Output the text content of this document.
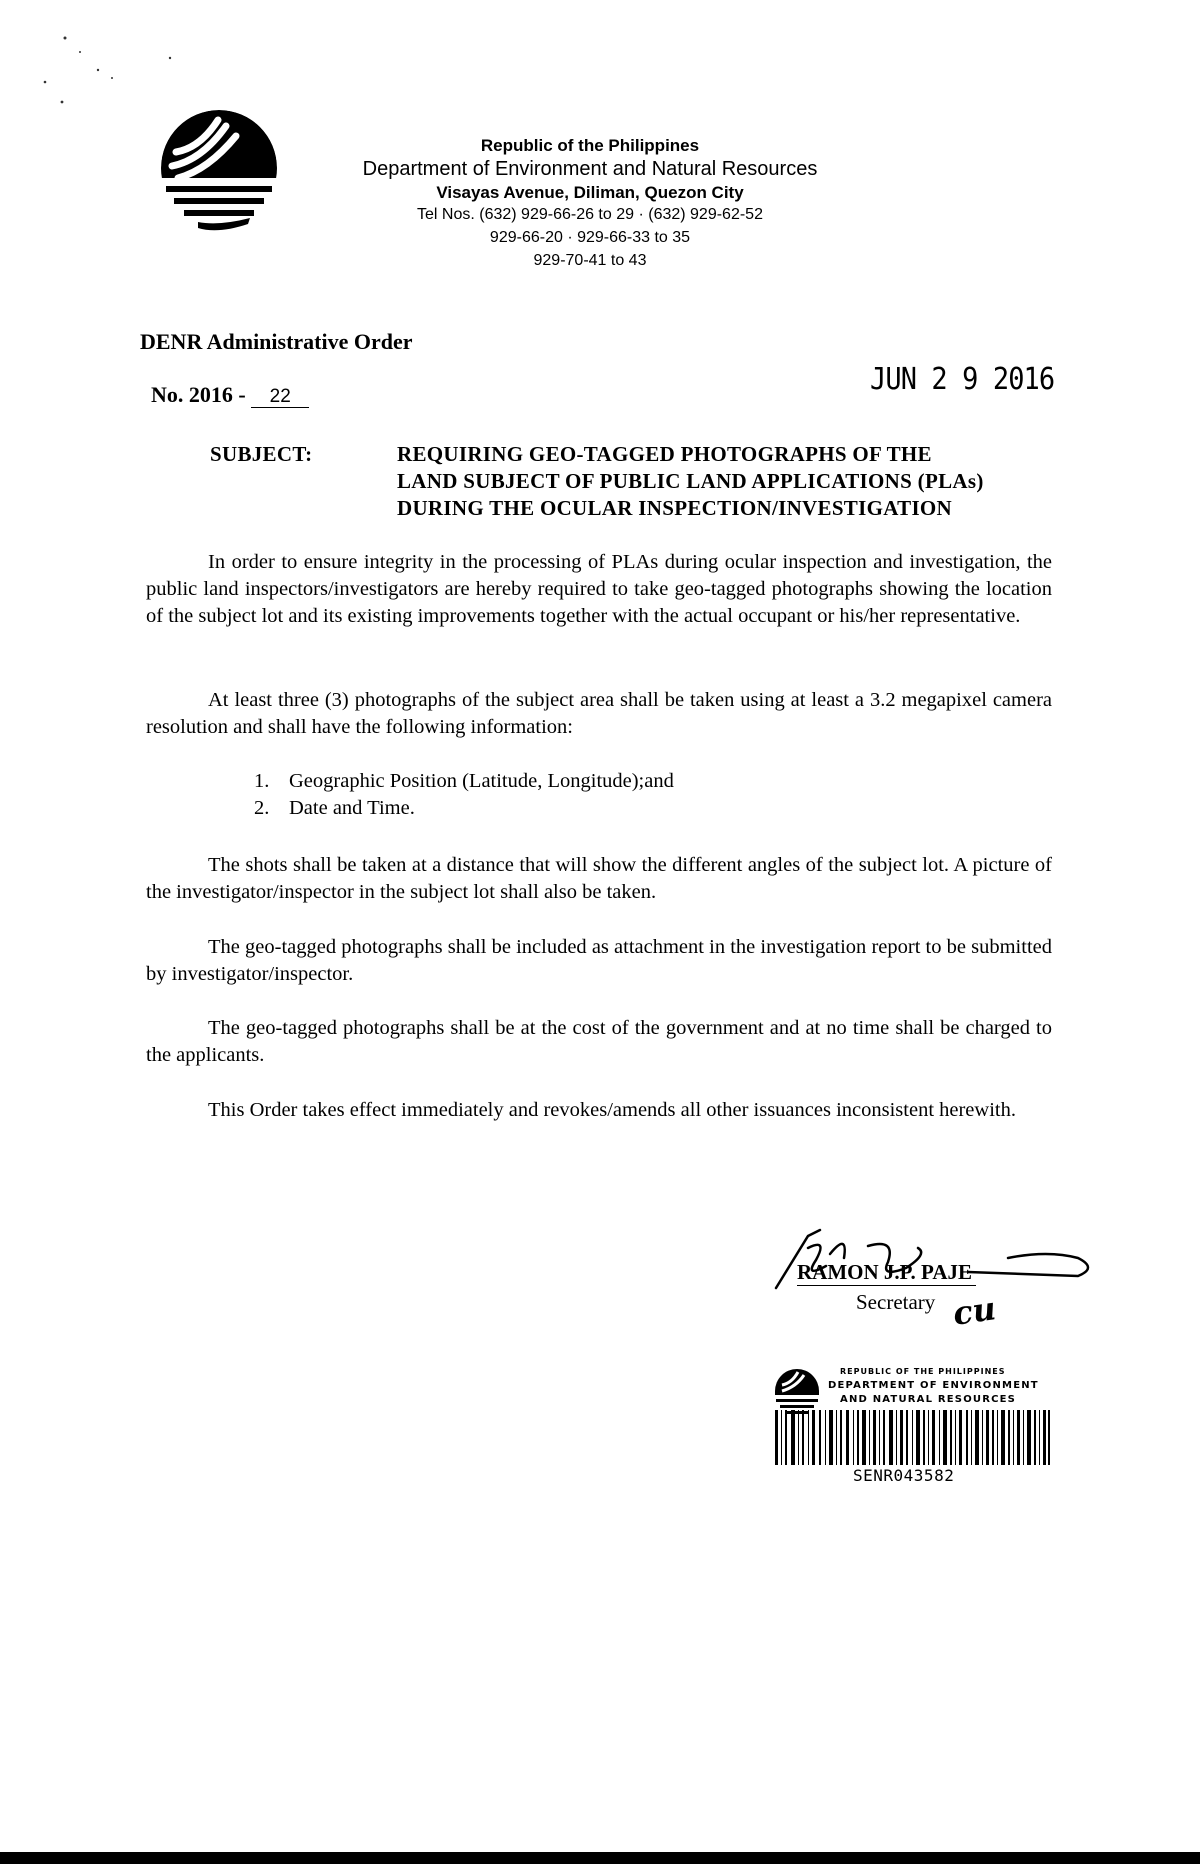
Republic of the Philippines
Department of Environment and Natural Resources
Visayas Avenue, Diliman, Quezon City
Tel Nos. (632) 929-66-26 to 29 · (632) 929-62-52
929-66-20 · 929-66-33 to 35
929-70-41 to 43
DENR Administrative Order

No. 2016 - 22	JUN 2 9 2016
SUBJECT:	REQUIRING GEO-TAGGED PHOTOGRAPHS OF THE
LAND SUBJECT OF PUBLIC LAND APPLICATIONS (PLAs)
DURING THE OCULAR INSPECTION/INVESTIGATION
In order to ensure integrity in the processing of PLAs during ocular inspection and investigation, the public land inspectors/investigators are hereby required to take geo-tagged photographs showing the location of the subject lot and its existing improvements together with the actual occupant or his/her representative.
At least three (3) photographs of the subject area shall be taken using at least a 3.2 megapixel camera resolution and shall have the following information:
1. Geographic Position (Latitude, Longitude);and
2. Date and Time.
The shots shall be taken at a distance that will show the different angles of the subject lot. A picture of the investigator/inspector in the subject lot shall also be taken.
The geo-tagged photographs shall be included as attachment in the investigation report to be submitted by investigator/inspector.
The geo-tagged photographs shall be at the cost of the government and at no time shall be charged to the applicants.
This Order takes effect immediately and revokes/amends all other issuances inconsistent herewith.
RAMON J.P. PAJE
Secretary cu
REPUBLIC OF THE PHILIPPINES
DEPARTMENT OF ENVIRONMENT
AND NATURAL RESOURCES
SENR043582
